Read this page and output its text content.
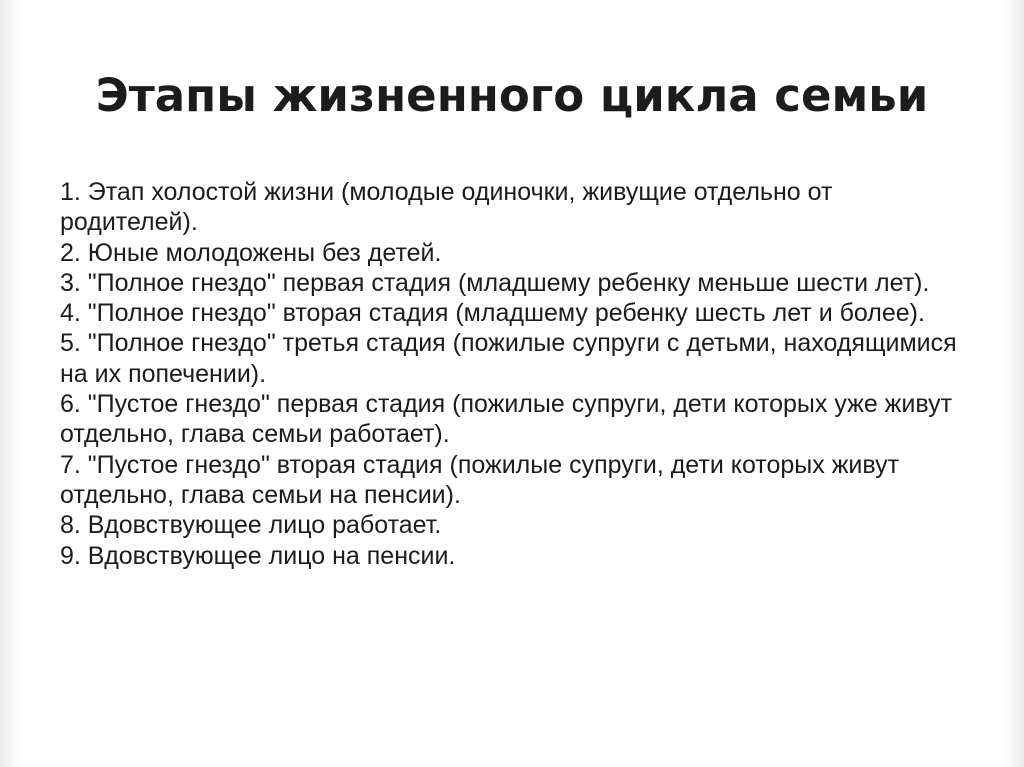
Этапы жизненного цикла семьи
1. Этап холостой жизни (молодые одиночки, живущие отдельно от родителей).
2. Юные молодожены без детей.
3. "Полное гнездо" первая стадия (младшему ребенку меньше шести лет).
4. "Полное гнездо" вторая стадия (младшему ребенку шесть лет и более).
5. "Полное гнездо" третья стадия (пожилые супруги с детьми, находящимися на их попечении).
6. "Пустое гнездо" первая стадия (пожилые супруги, дети которых уже живут отдельно, глава семьи работает).
7. "Пустое гнездо" вторая стадия (пожилые супруги, дети которых живут отдельно, глава семьи на пенсии).
8. Вдовствующее лицо работает.
9. Вдовствующее лицо на пенсии.
